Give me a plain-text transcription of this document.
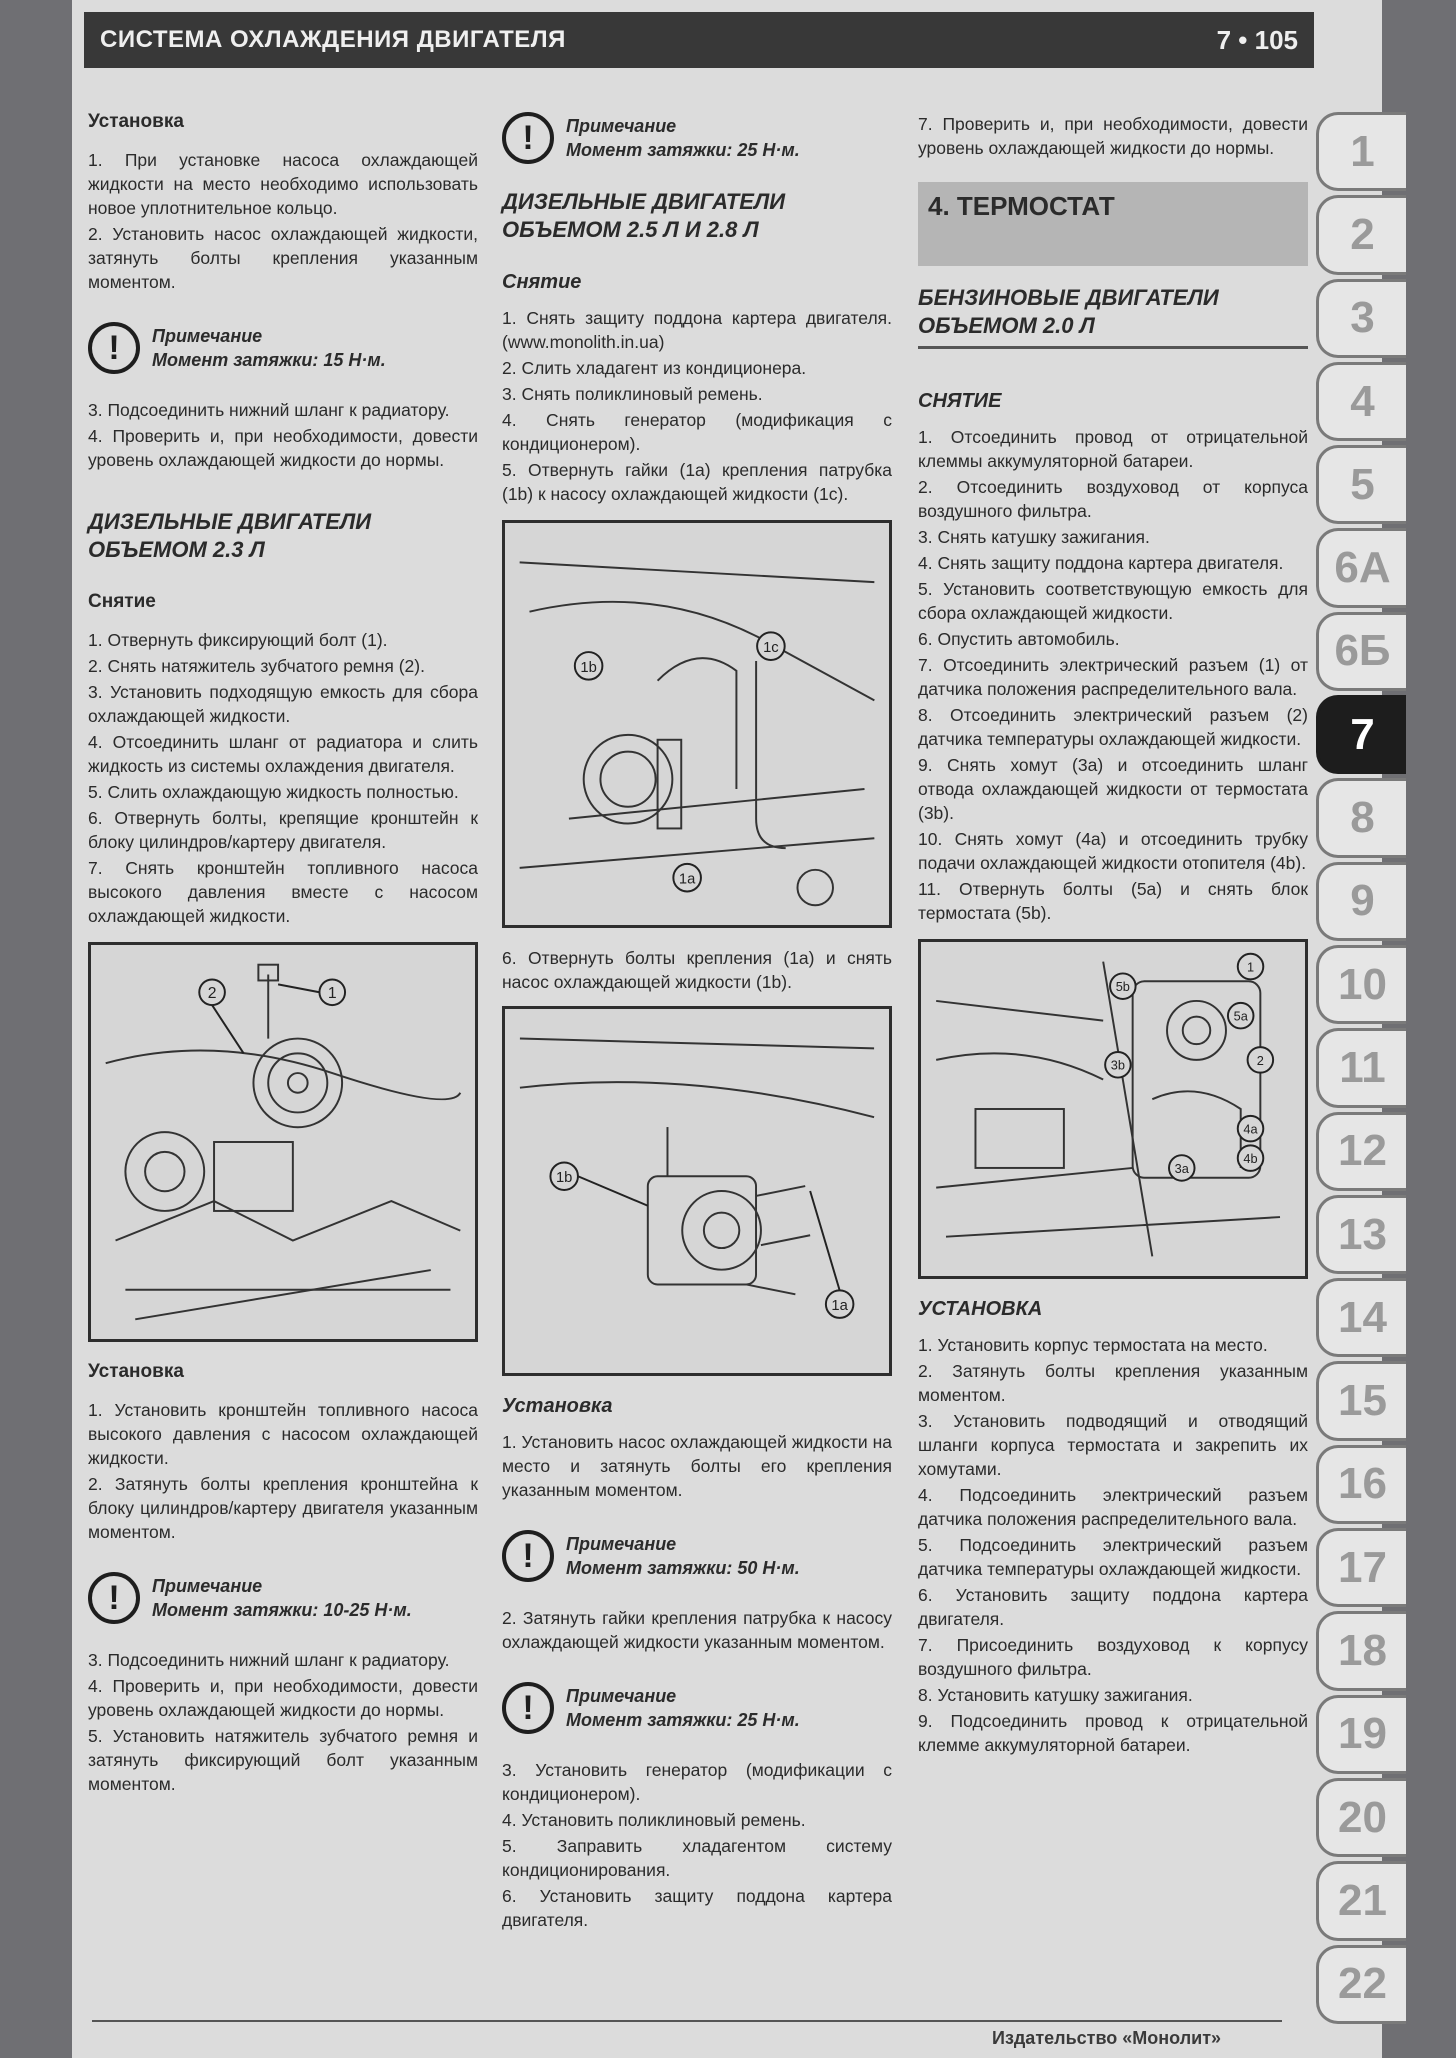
СИСТЕМА ОХЛАЖДЕНИЯ ДВИГАТЕЛЯ	7 • 105
Установка

1. При установке насоса охлаждающей жидкости на место необходимо использовать новое уплотнительное кольцо.

2. Установить насос охлаждающей жидкости, затянуть болты крепления указанным моментом.

!	Примечание
Момент затяжки: 15 Н·м.

3. Подсоединить нижний шланг к радиатору.

4. Проверить и, при необходимости, довести уровень охлаждающей жидкости до нормы.

ДИЗЕЛЬНЫЕ ДВИГАТЕЛИ ОБЪЕМОМ 2.3 Л
Снятие

1. Отвернуть фиксирующий болт (1).

2. Снять натяжитель зубчатого ремня (2).

3. Установить подходящую емкость для сбора охлаждающей жидкости.

4. Отсоединить шланг от радиатора и слить жидкость из системы охлаждения двигателя.

5. Слить охлаждающую жидкость полностью.

6. Отвернуть болты, крепящие кронштейн к блоку цилиндров/картеру двигателя.

7. Снять кронштейн топливного насоса высокого давления вместе с насосом охлаждающей жидкости.

2	1
Установка

1. Установить кронштейн топливного насоса высокого давления с насосом охлаждающей жидкости.

2. Затянуть болты крепления кронштейна к блоку цилиндров/картеру двигателя указанным моментом.

!	Примечание
Момент затяжки: 10-25 Н·м.

3. Подсоединить нижний шланг к радиатору.

4. Проверить и, при необходимости, довести уровень охлаждающей жидкости до нормы.

5. Установить натяжитель зубчатого ремня и затянуть фиксирующий болт указанным моментом.

!	Примечание
Момент затяжки: 25 Н·м.
ДИЗЕЛЬНЫЕ ДВИГАТЕЛИ ОБЪЕМОМ 2.5 Л И 2.8 Л
Снятие

1. Снять защиту поддона картера двигателя. (www.monolith.in.ua)

2. Слить хладагент из кондиционера.

3. Снять поликлиновый ремень.

4. Снять генератор (модификация с кондиционером).

5. Отвернуть гайки (1a) крепления патрубка (1b) к насосу охлаждающей жидкости (1c).

1b
1c
1a

6. Отвернуть болты крепления (1a) и снять насос охлаждающей жидкости (1b).

1b
1a
Установка

1. Установить насос охлаждающей жидкости на место и затянуть болты его крепления указанным моментом.

!	Примечание
Момент затяжки: 50 Н·м.

2. Затянуть гайки крепления патрубка к насосу охлаждающей жидкости указанным моментом.

!	Примечание
Момент затяжки: 25 Н·м.

3. Установить генератор (модификации с кондиционером).

4. Установить поликлиновый ремень.

5. Заправить хладагентом систему кондиционирования.

6. Установить защиту поддона картера двигателя.

7. Проверить и, при необходимости, довести уровень охлаждающей жидкости до нормы.

4. ТЕРМОСТАТ
БЕНЗИНОВЫЕ ДВИГАТЕЛИ ОБЪЕМОМ 2.0 Л
СНЯТИЕ

1. Отсоединить провод от отрицательной клеммы аккумуляторной батареи.

2. Отсоединить воздуховод от корпуса воздушного фильтра.

3. Снять катушку зажигания.

4. Снять защиту поддона картера двигателя.

5. Установить соответствующую емкость для сбора охлаждающей жидкости.

6. Опустить автомобиль.

7. Отсоединить электрический разъем (1) от датчика положения распределительного вала.

8. Отсоединить электрический разъем (2) датчика температуры охлаждающей жидкости.

9. Снять хомут (3a) и отсоединить шланг отвода охлаждающей жидкости от термостата (3b).

10. Снять хомут (4a) и отсоединить трубку подачи охлаждающей жидкости отопителя (4b).

11. Отвернуть болты (5a) и снять блок термостата (5b).

5b
1
5a
3b	2
4a
4b
3a
УСТАНОВКА

1. Установить корпус термостата на место.

2. Затянуть болты крепления указанным моментом.

3. Установить подводящий и отводящий шланги корпуса термостата и закрепить их хомутами.

4. Подсоединить электрический разъем датчика положения распределительного вала.

5. Подсоединить электрический разъем датчика температуры охлаждающей жидкости.

6. Установить защиту поддона картера двигателя.

7. Присоединить воздуховод к корпусу воздушного фильтра.

8. Установить катушку зажигания.

9. Подсоединить провод к отрицательной клемме аккумуляторной батареи.

1
2
3
4
5
6А
6Б
7
8
9
10
11
12
13
14
15
16
17
18
19
20
21
22
Издательство «Монолит»
